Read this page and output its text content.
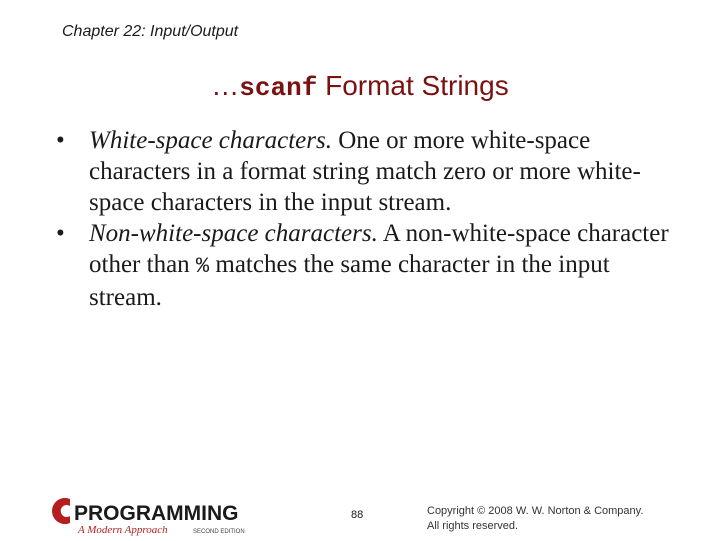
Chapter 22: Input/Output
…scanf Format Strings

• White-space characters. One or more white-space characters in a format string match zero or more white-space characters in the input stream.

• Non-white-space characters. A non-white-space character other than % matches the same character in the input stream.

PROGRAMMING
A Modern Approach	SECOND EDITION
88	Copyright © 2008 W. W. Norton & Company.
All rights reserved.
